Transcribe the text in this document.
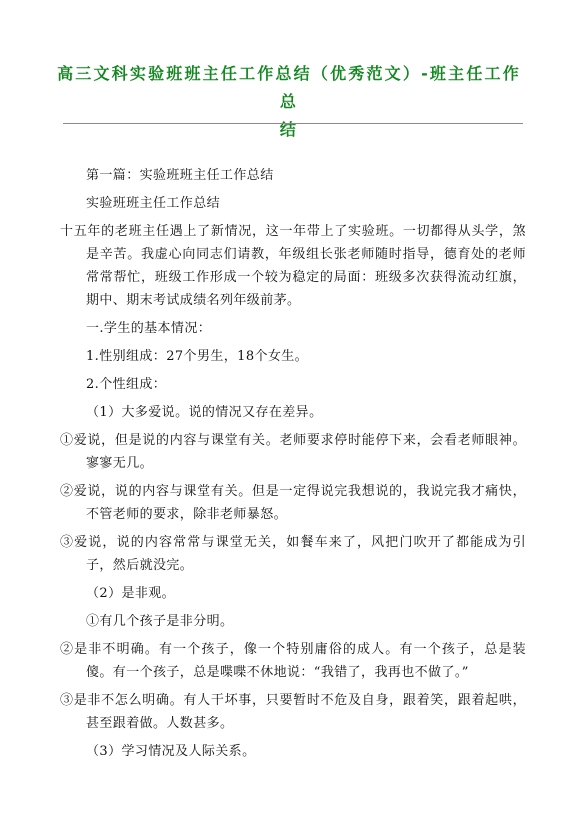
高三文科实验班班主任工作总结（优秀范文）-班主任工作总
结

第一篇：实验班班主任工作总结

实验班班主任工作总结

十五年的老班主任遇上了新情况，这一年带上了实验班。一切都得从头学，煞是辛苦。我虚心向同志们请教，年级组长张老师随时指导，德育处的老师常常帮忙，班级工作形成一个较为稳定的局面：班级多次获得流动红旗，期中、期末考试成绩名列年级前茅。

一.学生的基本情况：

1.性别组成：27个男生，18个女生。

2.个性组成：

（1）大多爱说。说的情况又存在差异。

①爱说，但是说的内容与课堂有关。老师要求停时能停下来，会看老师眼神。寥寥无几。

②爱说，说的内容与课堂有关。但是一定得说完我想说的，我说完我才痛快，不管老师的要求，除非老师暴怒。

③爱说，说的内容常常与课堂无关，如餐车来了，风把门吹开了都能成为引子，然后就没完。

（2）是非观。

①有几个孩子是非分明。

②是非不明确。有一个孩子，像一个特别庸俗的成人。有一个孩子，总是装傻。有一个孩子，总是喋喋不休地说：“我错了，我再也不做了。”

③是非不怎么明确。有人干坏事，只要暂时不危及自身，跟着笑，跟着起哄，甚至跟着做。人数甚多。

（3）学习情况及人际关系。
